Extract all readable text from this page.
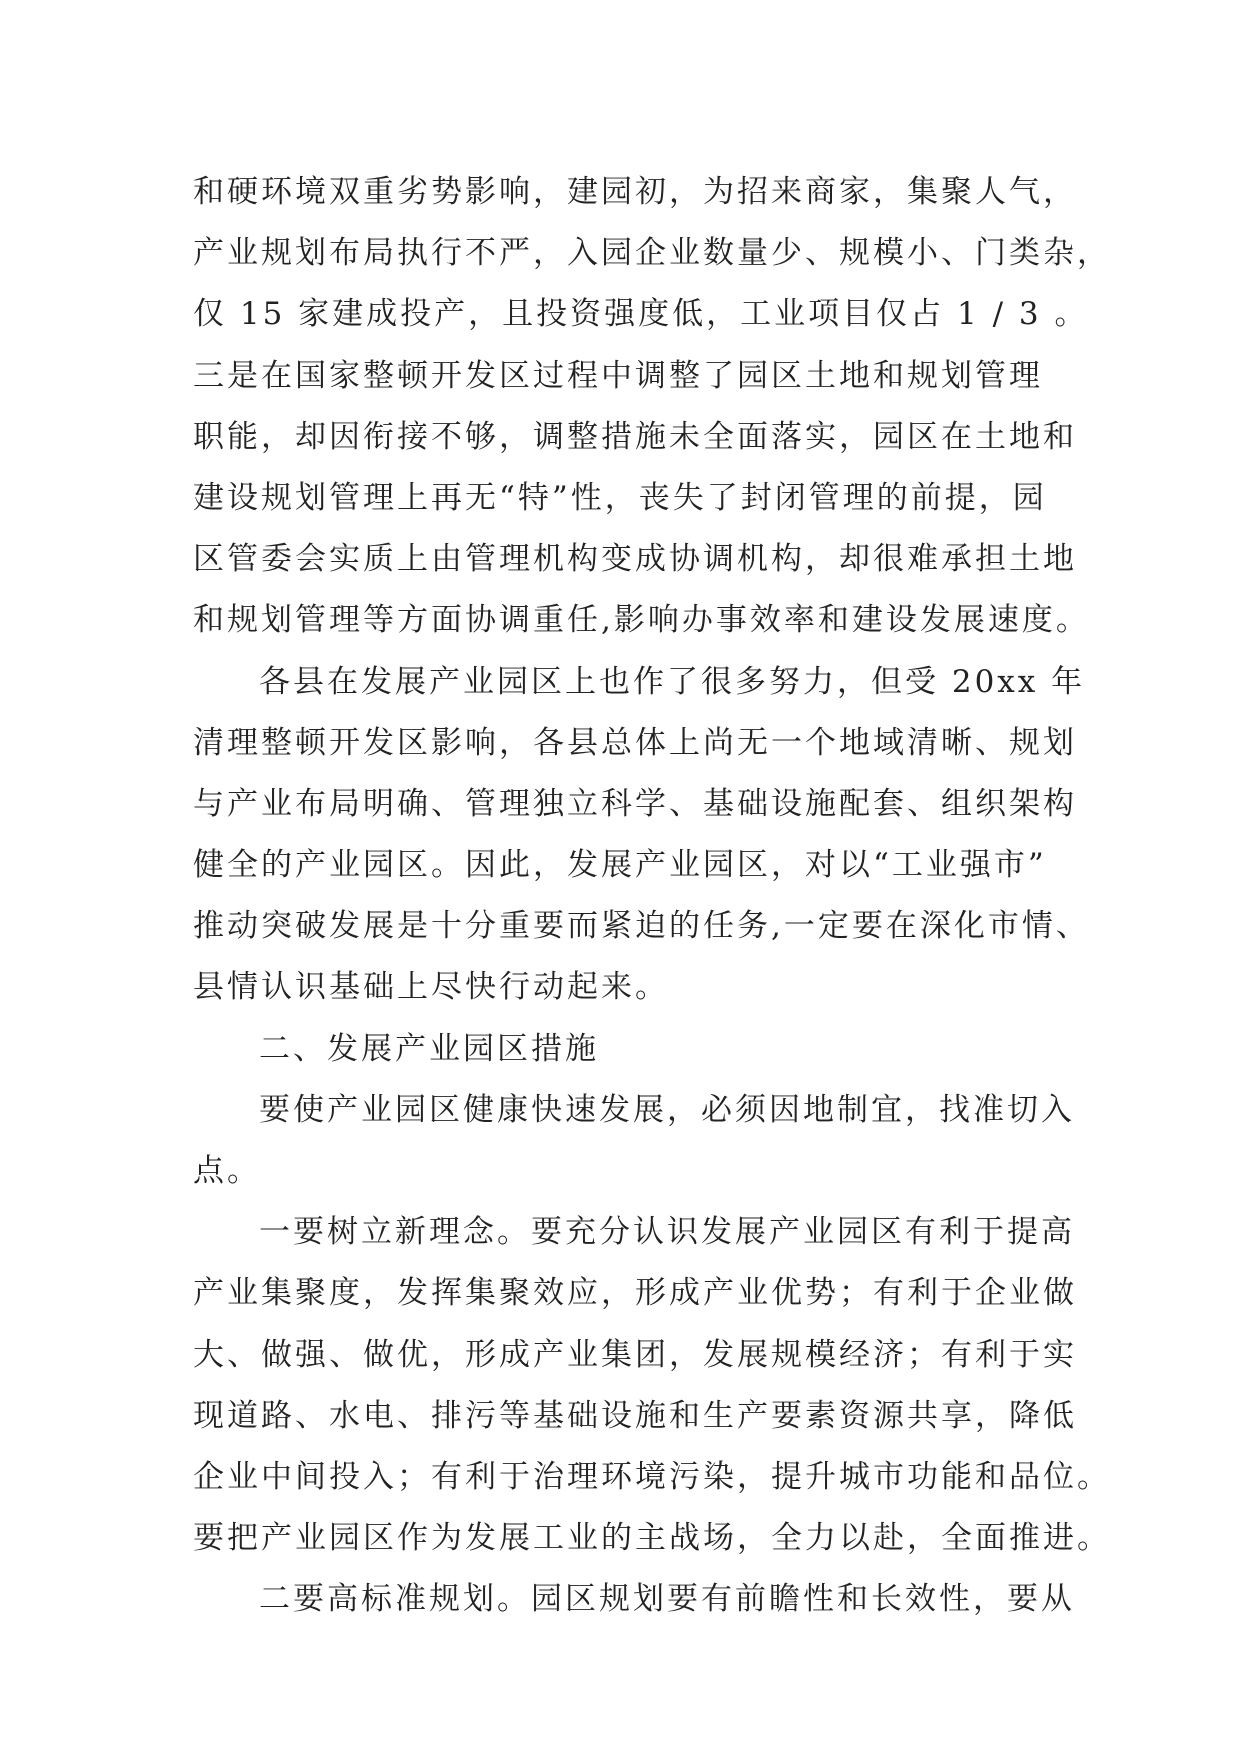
和硬环境双重劣势影响，建园初，为招来商家，集聚人气，
产业规划布局执行不严，入园企业数量少、规模小、门类杂，
仅 15 家建成投产，且投资强度低，工业项目仅占 1 / 3 。
三是在国家整顿开发区过程中调整了园区土地和规划管理
职能，却因衔接不够，调整措施未全面落实，园区在土地和
建设规划管理上再无“特”性，丧失了封闭管理的前提，园
区管委会实质上由管理机构变成协调机构，却很难承担土地
和规划管理等方面协调重任,影响办事效率和建设发展速度。
各县在发展产业园区上也作了很多努力，但受 20xx 年
清理整顿开发区影响，各县总体上尚无一个地域清晰、规划
与产业布局明确、管理独立科学、基础设施配套、组织架构
健全的产业园区。因此，发展产业园区，对以“工业强市”
推动突破发展是十分重要而紧迫的任务,一定要在深化市情、
县情认识基础上尽快行动起来。
二、发展产业园区措施
要使产业园区健康快速发展，必须因地制宜，找准切入
点。
一要树立新理念。要充分认识发展产业园区有利于提高
产业集聚度，发挥集聚效应，形成产业优势；有利于企业做
大、做强、做优，形成产业集团，发展规模经济；有利于实
现道路、水电、排污等基础设施和生产要素资源共享，降低
企业中间投入；有利于治理环境污染，提升城市功能和品位。
要把产业园区作为发展工业的主战场，全力以赴，全面推进。
二要高标准规划。园区规划要有前瞻性和长效性，要从
